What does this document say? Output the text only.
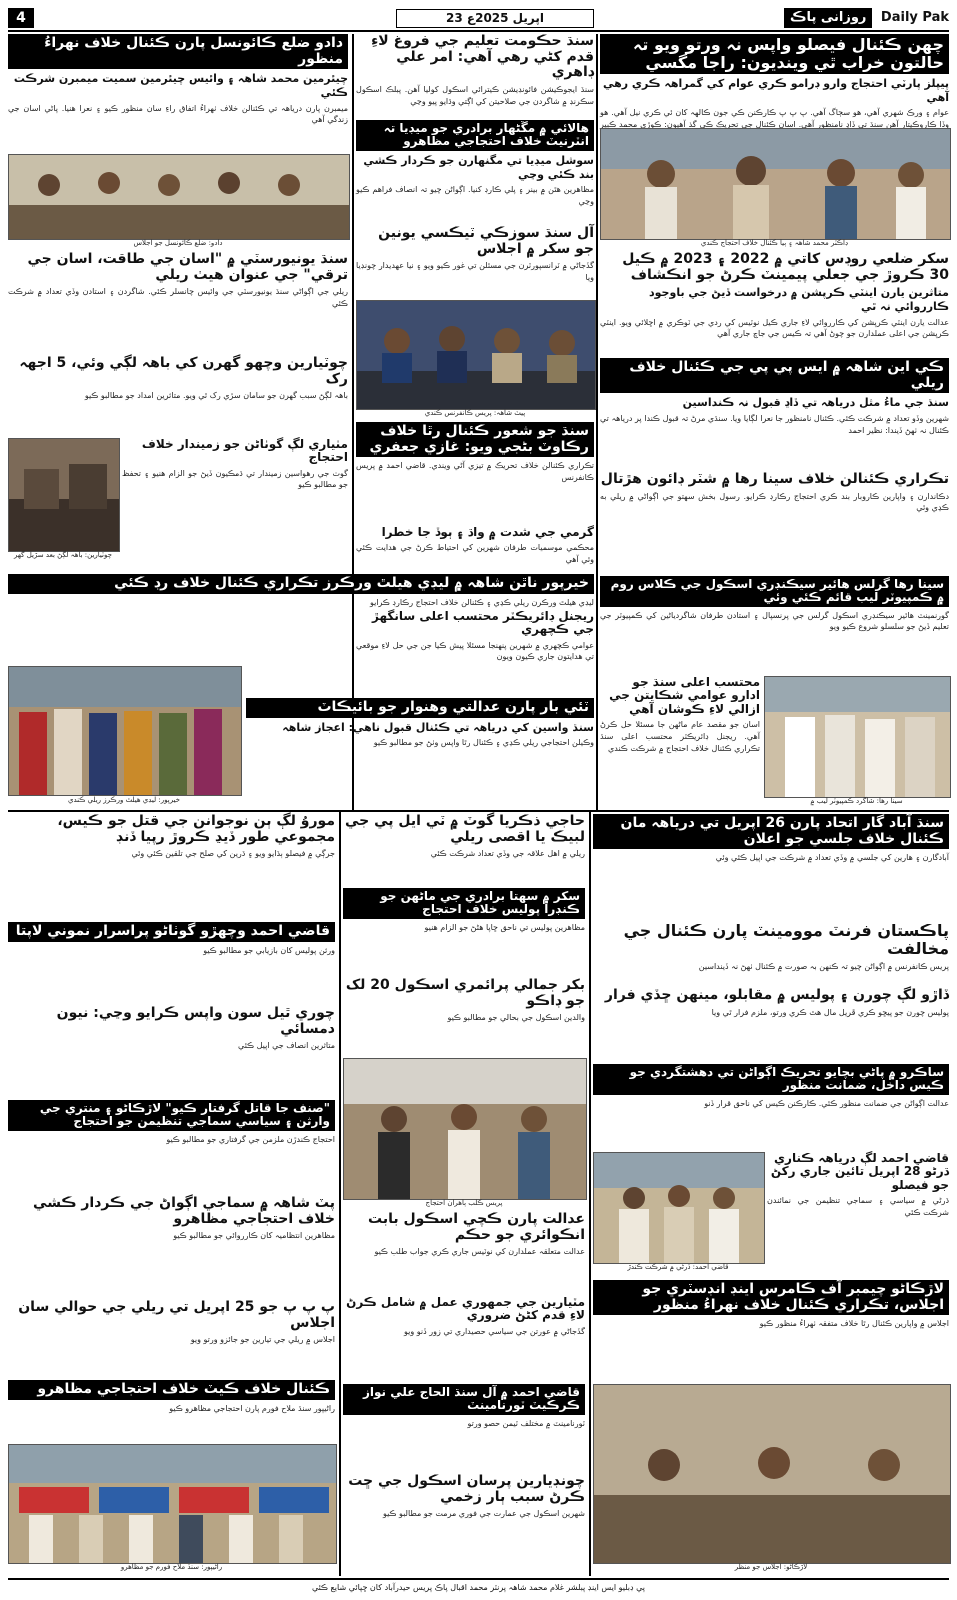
4	23 اپریل 2025ع	روزانی پاڪ Daily Pak
چھن ڪئنال فيصلو واپس نہ ورتو ويو تہ حالتون خراب ٿي وينديون: راجا مگسي
پيپلز پارٽي احتجاج وارو ڊرامو ڪري عوام کي گمراهہ ڪري رهي آهي
عوام ۽ ورڪ شهري آهي، هو سڄاگ آهي. پ پ پ ڪارڪنن ڪي جون ڪالهہ کان ئي ڪري نيل آهي. هو وڏا ڪاروڪيتار آهن سنڌ تي ڏاڍ نامنظور آهي. اسان ڪئنال جي تحريڪ ڪي گذ آهيون: ڪوڙي محمد ڪبير
ڊاڪٽر محمد شاهہ ۽ ٻيا ڪئنال خلاف احتجاج ڪندي
سکر ضلعي روڊس کاتي ۾ 2022 ۽ 2023 ۾ ڪيل 30 ڪروڙ جي جعلي پيمينٽ ڪرڻ جو انڪشاف
متاثرين يارن اينٽي ڪرپشن ۾ درخواست ڏيڻ جي باوجود ڪارروائي نہ ٿي
عدالت يارن اينٽي ڪرپشن کي ڪارروائي لاءِ جاري ڪيل نوٽيس کي ردي جي ٽوڪري ۾ اڇلائي ويو. اينٽي ڪرپشن جي اعلى عملدارن جو چوڻ آهي تہ ڪيس جي جاچ جاري آهي
ڪي اين شاهہ ۾ ايس پي پي جي ڪئنال خلاف ريلي
سنڌ جي ماءُ مثل درياهہ تي ڏاڍ قبول نہ ڪنداسين
شهرين وڏو تعداد ۾ شرڪت ڪئي. ڪئنال نامنظور جا نعرا لڳايا ويا. سنڌي مرڻ تہ قبول ڪندا پر درياهہ تي ڪئنال نہ ٺهڻ ڏيندا: نظير احمد
تڪراري ڪئنالن خلاف سينا رھا ۾ شٽر ڊائون هڙتال
دڪاندارن ۽ واپارين ڪاروبار بند ڪري احتجاج رڪارڊ ڪرايو. رسول بخش سھتو جي اڳواڻي ۾ ريلي به ڪڍي وئي
سينا رھا گرلس هائير سيڪنڊري اسڪول جي ڪلاس روم ۾ ڪمپيوٽر ليب قائم ڪئي وئي
گورنمينٽ هائير سيڪنڊري اسڪول گرلس جي پرنسپال ۽ استادن طرفان شاگردياڻين کي ڪمپيوٽر جي تعليم ڏيڻ جو سلسلو شروع ڪيو ويو
محتسب اعلى سنڌ جو ادارو عوامي شڪايتن جي ازالي لاءِ ڪوشان آهي
اسان جو مقصد عام ماڻهن جا مسئلا حل ڪرڻ آهي. ريجنل ڊائريڪٽر محتسب اعلى سنڌ تڪراري ڪئنال خلاف احتجاج ۾ شرڪت ڪندي
سينا رھا: شاگرد ڪمپيوٽر ليب ۾
سنڌ حڪومت تعليم جي فروغ لاءِ قدم کڻي رهي آهي: امر علي ڊاهري
سنڌ ايجوڪيشن فائونڊيشن ڪيترائي اسڪول کوليا آهن. پبلڪ اسڪول سڪرنڊ ۾ شاگردن جي صلاحيتن کي اڳتي وڌايو پيو وڃي
ھالائي ۾ مڱڻھار برادري جو ميڊيا تہ انٽرنيٽ خلاف احتجاجي مظاهرو
سوشل ميڊيا تي مگنھارن جو ڪردار ڪشي بند ڪئي وڃي
مظاهرين هٿن ۾ بينر ۽ پلي ڪارڊ کنيا. اڳواڻن چيو تہ انصاف فراهم ڪيو وڃي
آل سنڌ سوزڪي ٽيڪسي يونين جو سکر ۾ اجلاس
گڏجاڻي ۾ ٽرانسپورٽرن جي مسئلن تي غور ڪيو ويو ۽ نيا عهديدار چونڊيا ويا
پيٽ شاهہ: پريس ڪانفرنس ڪندي
سنڌ جو شعور ڪئنال رٿا خلاف رڪاوٽ بڻجي ويو: غازي جعفري
تڪراري ڪئنالن خلاف تحريڪ ۾ تيزي آڻي ويندي. قاضي احمد ۾ پريس ڪانفرنس
گرمي جي شدت ۾ واڌ ۽ ٻوڏ جا خطرا
محڪمي موسميات طرفان شهرين کي احتياط ڪرڻ جي هدايت ڪئي وئي آهي
ريجنل ڊائريڪٽر محتسب اعلى سانگھڙ جي ڪچهري
عوامي ڪچهري ۾ شهرين پنهنجا مسئلا پيش ڪيا جن جي حل لاءِ موقعي تي هدايتون جاري ڪيون ويون
ٽئي بار پارن عدالتي وهنوار جو بائيڪاٽ
سنڌ واسين کي درياهہ تي ڪئنال قبول ناهي: اعجاز شاهہ
وڪيلن احتجاجي ريلي ڪڍي ۽ ڪئنال رٿا واپس وٺڻ جو مطالبو ڪيو
دادو ضلع ڪائونسل پارن ڪئنال خلاف نهراءُ منظور
چيئرمين محمد شاهہ ۽ وائيس چيئرمين سميت ميمبرن شرڪت ڪئي
ميمبرن پارن درياهہ تي ڪئنالن خلاف ٺهراءُ اتفاق راءِ سان منظور ڪيو ۽ نعرا هنيا. پاڻي اسان جي زندگي آهي
دادو: ضلع ڪائونسل جو اجلاس
سنڌ يونيورسٽي ۾ "اسان جي طاقت، اسان جي ترقي" جي عنوان هيٺ ريلي
ريلي جي اڳواڻي سنڌ يونيورسٽي جي وائيس چانسلر ڪئي. شاگردن ۽ استادن وڏي تعداد ۾ شرڪت ڪئي
چوٽيارين وچھو گهرن کي باهہ لڳي وئي، 5 اجهہ رک
باهہ لڳڻ سبب گهرن جو سامان سڙي رک ٿي ويو. متاثرين امداد جو مطالبو ڪيو
چوٽيارين: باهہ لڳڻ بعد سڙيل گهر
مٺياري لڳ گوٺاڻن جو زميندار خلاف احتجاج
گوٺ جي رهواسين زميندار تي ڌمڪيون ڏيڻ جو الزام هنيو ۽ تحفظ جو مطالبو ڪيو
خيرپور ناٿن شاهہ ۾ ليڊي هيلٿ ورڪرز تڪراري ڪئنال خلاف رڊ ڪئي
ليڊي هيلٿ ورڪرن ريلي ڪڍي ۽ ڪئنالن خلاف احتجاج رڪارڊ ڪرايو
خيرپور: ليڊي هيلٿ ورڪرز ريلي ڪندي
سنڌ آباد گار اتحاد پارن 26 اپريل تي درياهہ مان ڪئنال خلاف جلسي جو اعلان
آبادگارن ۽ هارين کي جلسي ۾ وڏي تعداد ۾ شرڪت جي اپيل ڪئي وئي
پاڪستان فرنٽ موومينٽ پارن ڪئنال جي مخالفت
پريس ڪانفرنس ۾ اڳواڻن چيو تہ ڪنهن بہ صورت ۾ ڪئنال ٺهڻ نہ ڏينداسين
ڏاڙو لڳ چورن ۽ پوليس ۾ مقابلو، مينهن ڇڏي فرار
پوليس چورن جو پيڇو ڪري ڦريل مال هٿ ڪري ورتو، ملزم فرار ٿي ويا
ساڪرو ۾ پاڻي بچايو تحريڪ اڳواڻن تي دهشتگردي جو ڪيس داخل، ضمانت منظور
عدالت اڳواڻن جي ضمانت منظور ڪئي. ڪارڪنن ڪيس کي ناحق قرار ڏنو
قاضي احمد: ڌرڻي ۾ شرڪت ڪندڙ
قاضي احمد لڳ درياهہ ڪناري ڌرڻو 28 اپريل تائين جاري رکڻ جو فيصلو
ڌرڻي ۾ سياسي ۽ سماجي تنظيمن جي نمائندن شرڪت ڪئي
لاڙڪاڻو چيمبر آف ڪامرس اينڊ انڊسٽري جو اجلاس، تڪراري ڪئنال خلاف نهراءُ منظور
اجلاس ۾ واپارين ڪئنال رٿا خلاف متفقہ ٺهراءُ منظور ڪيو
لاڙڪاڻو: اجلاس جو منظر
حاجي ذڪريا گوٽ ۾ ٽي ايل پي جي لبيڪ يا اقصى ريلي
ريلي ۾ اهل علاقہ جي وڏي تعداد شرڪت ڪئي
سکر ۾ سھتا برادري جي ماڻهن جو ڪنڊرا پوليس خلاف احتجاج
مظاهرين پوليس تي ناحق ڇاپا هڻڻ جو الزام هنيو
بکر جمالي پرائمري اسڪول 20 لک جو ڊاڪو
والدين اسڪول جي بحالي جو مطالبو ڪيو
پريس ڪلب ٻاهران احتجاج
عدالت پارن ڪچي اسڪول بابت انڪوائري جو حڪم
عدالت متعلقہ عملدارن کي نوٽيس جاري ڪري جواب طلب ڪيو
مٽيارين جي جمهوري عمل ۾ شامل ڪرڻ لاءِ قدم کڻڻ ضروري
گڏجاڻي ۾ عورتن جي سياسي حصيداري تي زور ڏنو ويو
قاضي احمد ۾ آل سنڌ الحاج علي نواز ڪرڪيٽ ٽورنامينٽ
ٽورنامينٽ ۾ مختلف ٽيمن حصو ورتو
چونڊيارين پرسان اسڪول جي ڇت ڪرڻ سبب ٻار زخمي
شهرين اسڪول جي عمارت جي فوري مرمت جو مطالبو ڪيو
موروُ لڳ ٻن نوجوانن جي قتل جو ڪيس، مجموعي طور ڏيڍ ڪروڙ رپيا ڏنڊ
جرڳي ۾ فيصلو ٻڌايو ويو ۽ ڌرين کي صلح جي تلقين ڪئي وئي
قاضي احمد وچھڙو گوٺاڻو پراسرار نموني لاپتا
ورثن پوليس کان بازيابي جو مطالبو ڪيو
چوري ٿيل سون واپس ڪرايو وڃي: نيون دمسائي
متاثرين انصاف جي اپيل ڪئي
"صنف جا قاتل گرفتار ڪيو" لاڙڪاڻو ۽ منتري جي وارثن ۽ سياسي سماجي تنظيمن جو احتجاج
احتجاج ڪندڙن ملزمن جي گرفتاري جو مطالبو ڪيو
پٽ شاهہ ۾ سماجي اڳواڻ جي ڪردار ڪشي خلاف احتجاجي مظاهرو
مظاهرين انتظاميہ کان ڪارروائي جو مطالبو ڪيو
پ پ پ جو 25 اپريل تي ريلي جي حوالي سان اجلاس
اجلاس ۾ ريلي جي تيارين جو جائزو ورتو ويو
ڪئنال خلاف ڪيٽ خلاف احتجاجي مظاهرو
راڻيپور سنڌ ملاح فورم پارن احتجاجي مظاهرو ڪيو
راڻيپور: سنڌ ملاح فورم جو مظاهرو
پي ڊبليو ايس اينڊ پبلشر غلام محمد شاهہ پرنٽر محمد اقبال پاڪ پريس حيدرآباد کان ڇپائي شايع ڪئي
